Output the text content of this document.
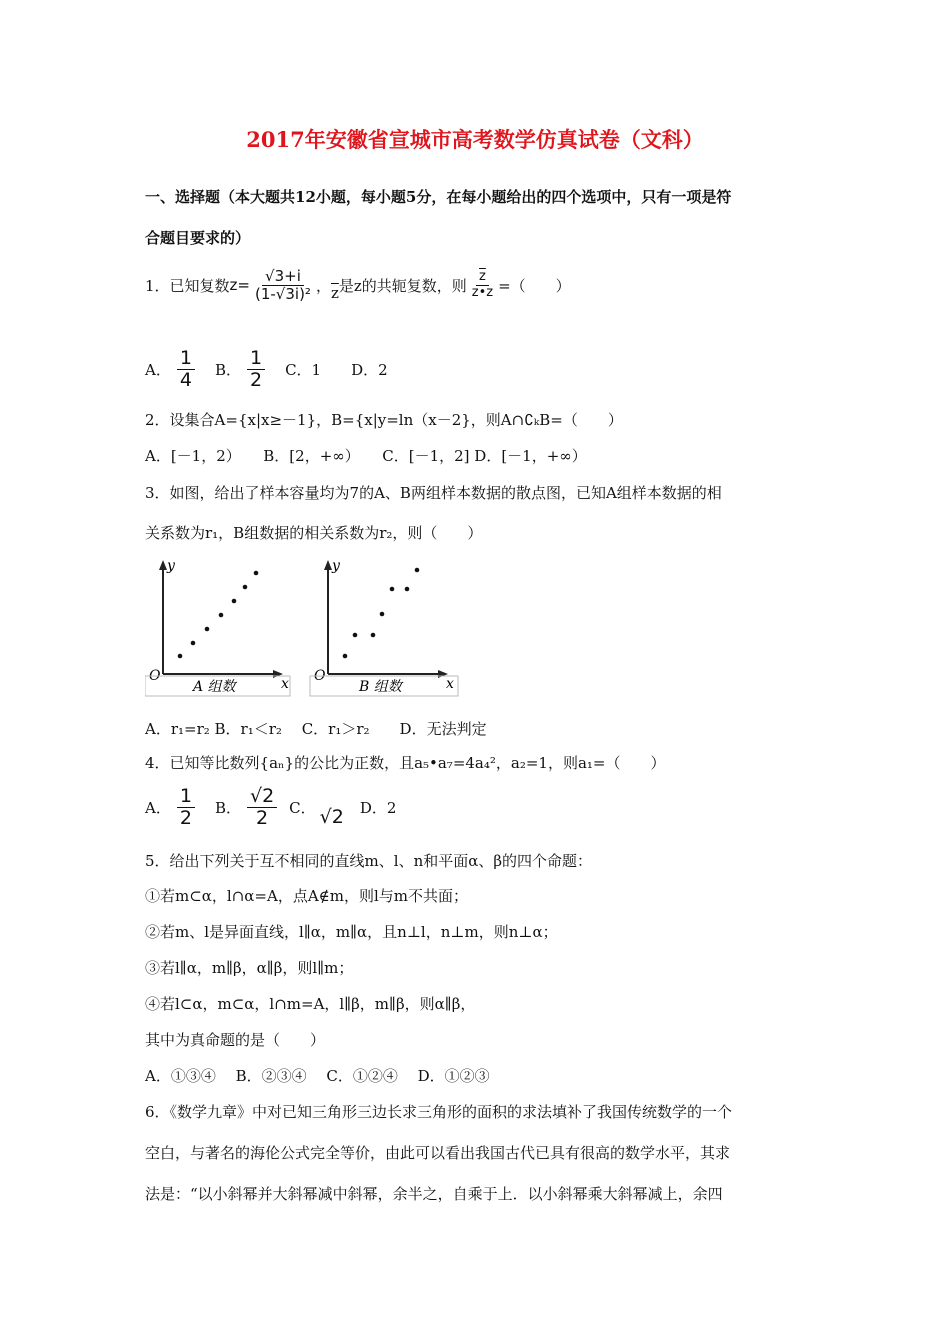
2017年安徽省宣城市高考数学仿真试卷（文科）
一、选择题（本大题共12小题，每小题5分，在每小题给出的四个选项中，只有一项是符
合题目要求的）
1．已知复数 $z= \frac{√3+i}{\text{(1-√3i)²}}$ ， $\overline{z}$ 是z的共轭复数，则 $\frac{\overline{z}}{z•z}$ =（　　）
A． $\frac{1}{4}$ B． $\frac{1}{2}$ C．1 D．2
2．设集合A={x|x≥－1}，B={x|y=ln（x－2}，则A∩∁ₖB=（　　）
A．[－1，2）　　B．[2，+∞）　　C．[－1，2] D．[－1，+∞）
3．如图，给出了样本容量均为7的A、B两组样本数据的散点图，已知A组样本数据的相
关系数为r₁，B组数据的相关系数为r₂，则（　　）
y
O	x
A 组数
y
O	x
B 组数
A．r₁=r₂ B．r₁＜r₂　 C．r₁＞r₂　　D．无法判定
4．已知等比数列{aₙ}的公比为正数，且a₅•a₇=4a₄²，a₂=1，则a₁=（　　）
A． $\frac{1}{2}$ B． $\frac{√2}{2}$ C． √2 D．2
5．给出下列关于互不相同的直线m、l、n和平面α、β的四个命题：
①若m⊂α，l∩α=A，点A∉m，则l与m不共面；
②若m、l是异面直线，l∥α，m∥α，且n⊥l，n⊥m，则n⊥α；
③若l∥α，m∥β，α∥β，则l∥m；
④若l⊂α，m⊂α，l∩m=A，l∥β，m∥β，则α∥β，
其中为真命题的是（　　）
A．①③④　 B．②③④　 C．①②④　 D．①②③
6．《数学九章》中对已知三角形三边长求三角形的面积的求法填补了我国传统数学的一个
空白，与著名的海伦公式完全等价，由此可以看出我国古代已具有很高的数学水平，其求
法是：“以小斜幂并大斜幂减中斜幂，余半之，自乘于上．以小斜幂乘大斜幂减上，余四
